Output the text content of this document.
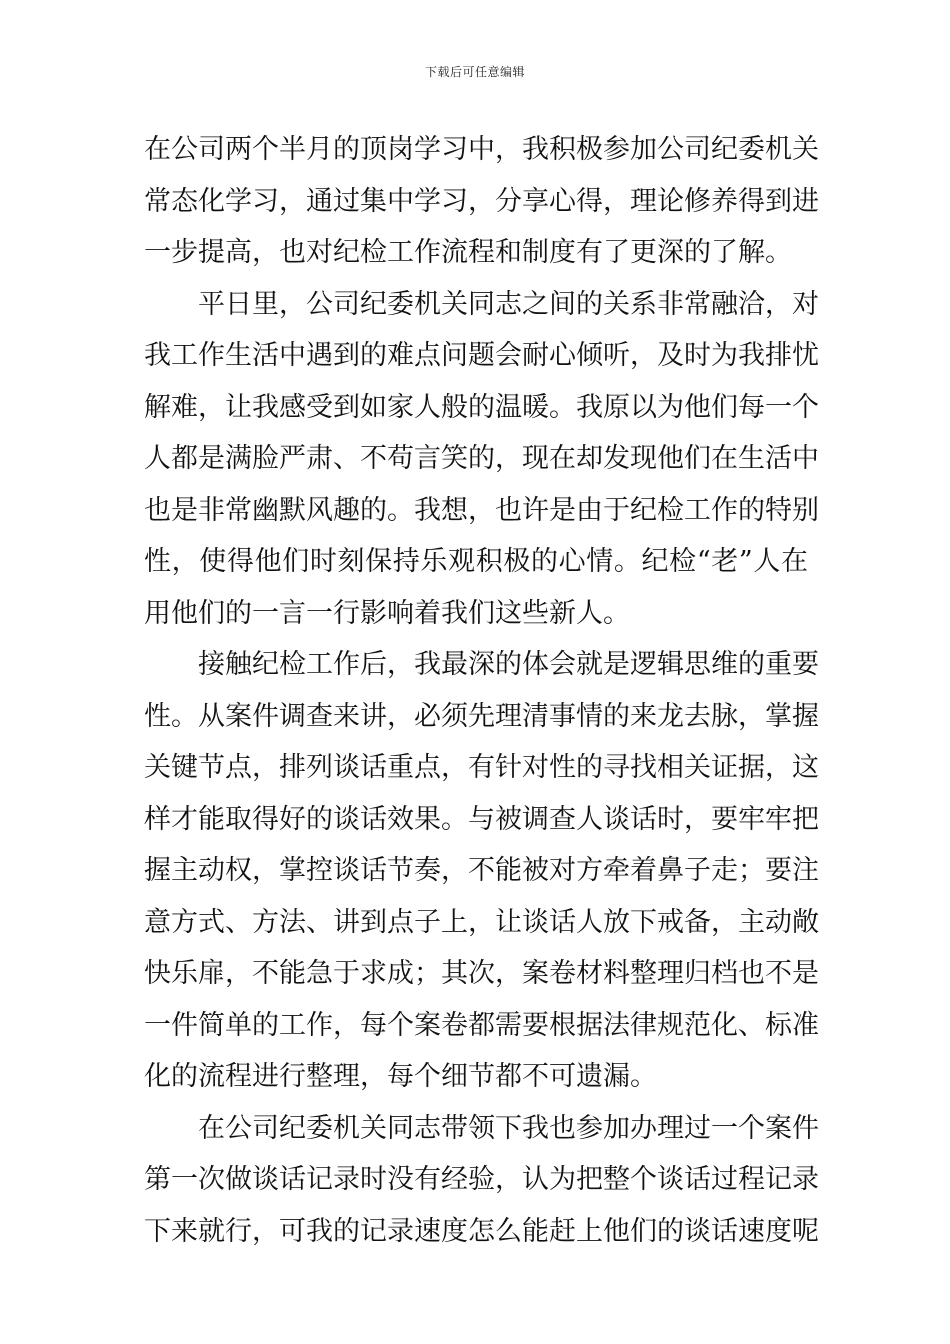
下载后可任意编辑
在公司两个半月的顶岗学习中，我积极参加公司纪委机关
常态化学习，通过集中学习，分享心得，理论修养得到进
一步提高，也对纪检工作流程和制度有了更深的了解。
平日里，公司纪委机关同志之间的关系非常融洽，对
我工作生活中遇到的难点问题会耐心倾听，及时为我排忧
解难，让我感受到如家人般的温暖。我原以为他们每一个
人都是满脸严肃、不苟言笑的，现在却发现他们在生活中
也是非常幽默风趣的。我想，也许是由于纪检工作的特别
性，使得他们时刻保持乐观积极的心情。纪检“老”人在
用他们的一言一行影响着我们这些新人。
接触纪检工作后，我最深的体会就是逻辑思维的重要
性。从案件调查来讲，必须先理清事情的来龙去脉，掌握
关键节点，排列谈话重点，有针对性的寻找相关证据，这
样才能取得好的谈话效果。与被调查人谈话时，要牢牢把
握主动权，掌控谈话节奏，不能被对方牵着鼻子走；要注
意方式、方法、讲到点子上，让谈话人放下戒备，主动敞
快乐扉，不能急于求成；其次，案卷材料整理归档也不是
一件简单的工作，每个案卷都需要根据法律规范化、标准
化的流程进行整理，每个细节都不可遗漏。
在公司纪委机关同志带领下我也参加办理过一个案件
第一次做谈话记录时没有经验，认为把整个谈话过程记录
下来就行，可我的记录速度怎么能赶上他们的谈话速度呢
